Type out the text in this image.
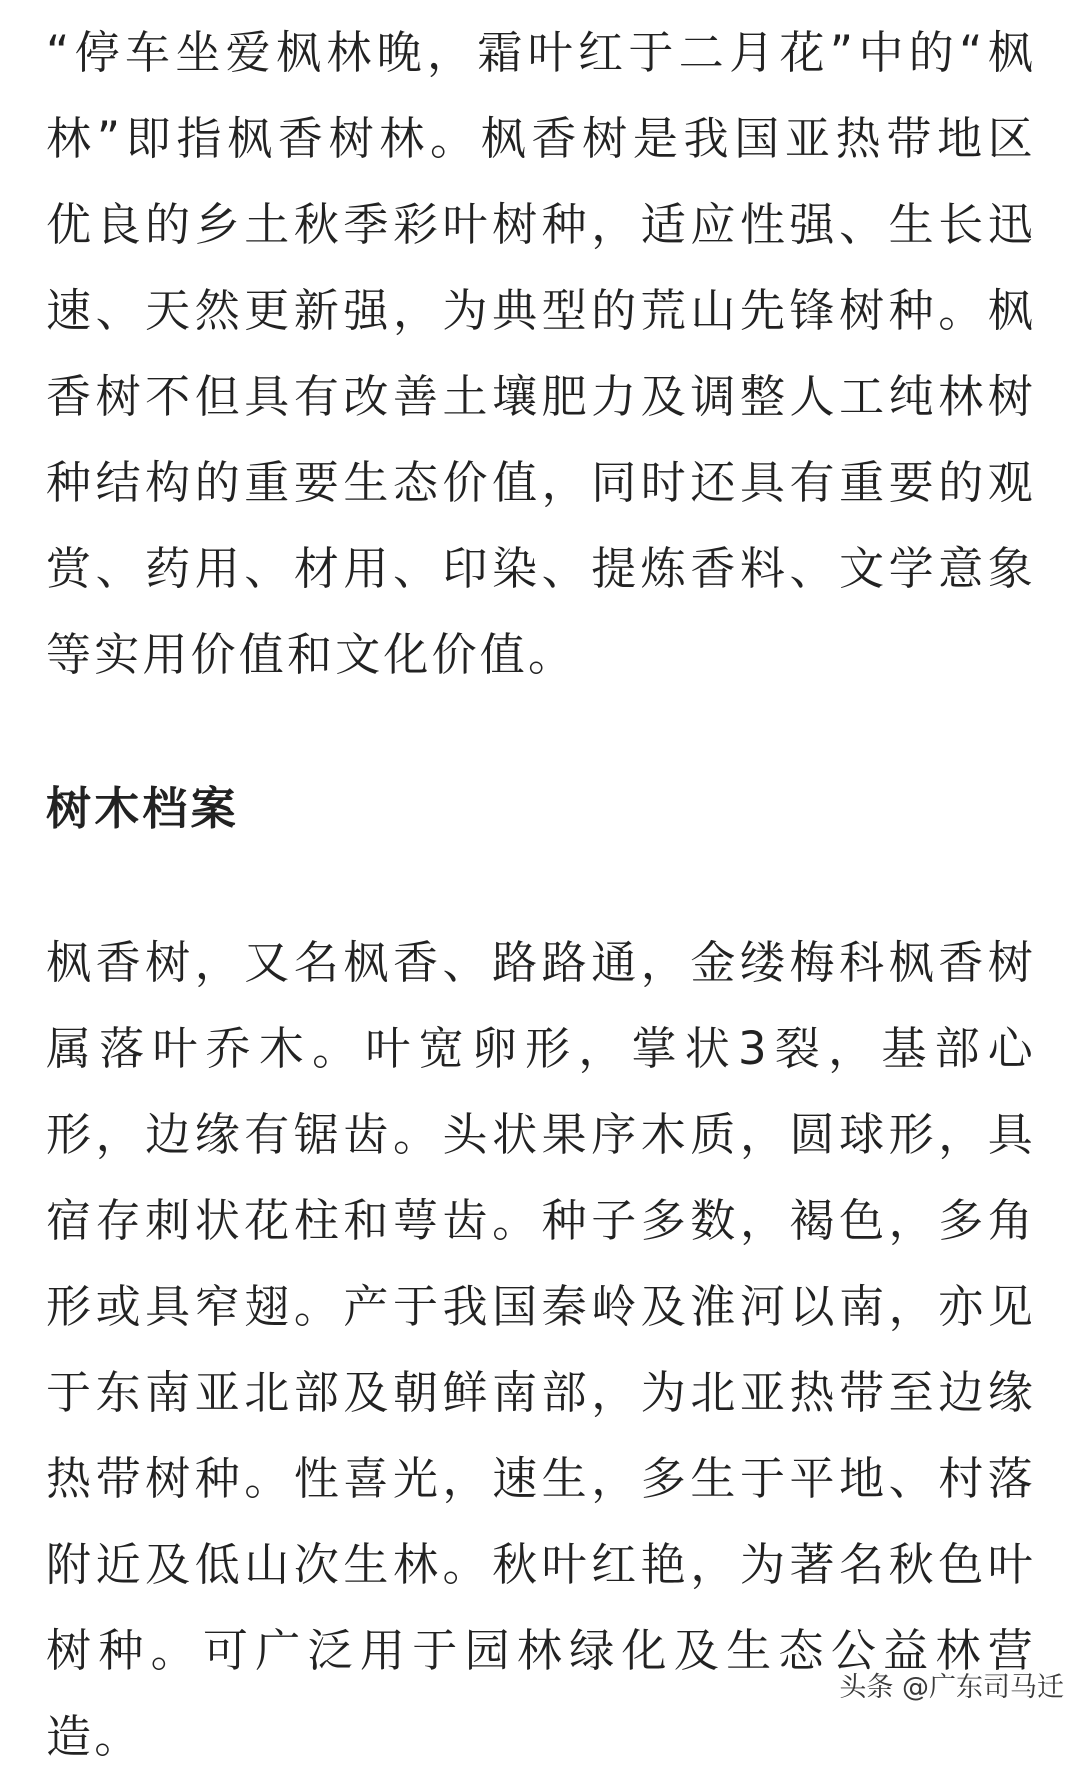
“停车坐爱枫林晚，霜叶红于二月花”中的“枫林”即指枫香树林。枫香树是我国亚热带地区优良的乡土秋季彩叶树种，适应性强、生长迅速、天然更新强，为典型的荒山先锋树种。枫香树不但具有改善土壤肥力及调整人工纯林树种结构的重要生态价值，同时还具有重要的观赏、药用、材用、印染、提炼香料、文学意象等实用价值和文化价值。

树木档案

枫香树，又名枫香、路路通，金缕梅科枫香树属落叶乔木。叶宽卵形，掌状3裂，基部心形，边缘有锯齿。头状果序木质，圆球形，具宿存刺状花柱和萼齿。种子多数，褐色，多角形或具窄翅。产于我国秦岭及淮河以南，亦见于东南亚北部及朝鲜南部，为北亚热带至边缘热带树种。性喜光，速生，多生于平地、村落附近及低山次生林。秋叶红艳，为著名秋色叶树种。可广泛用于园林绿化及生态公益林营造。

头条 @广东司马迁
